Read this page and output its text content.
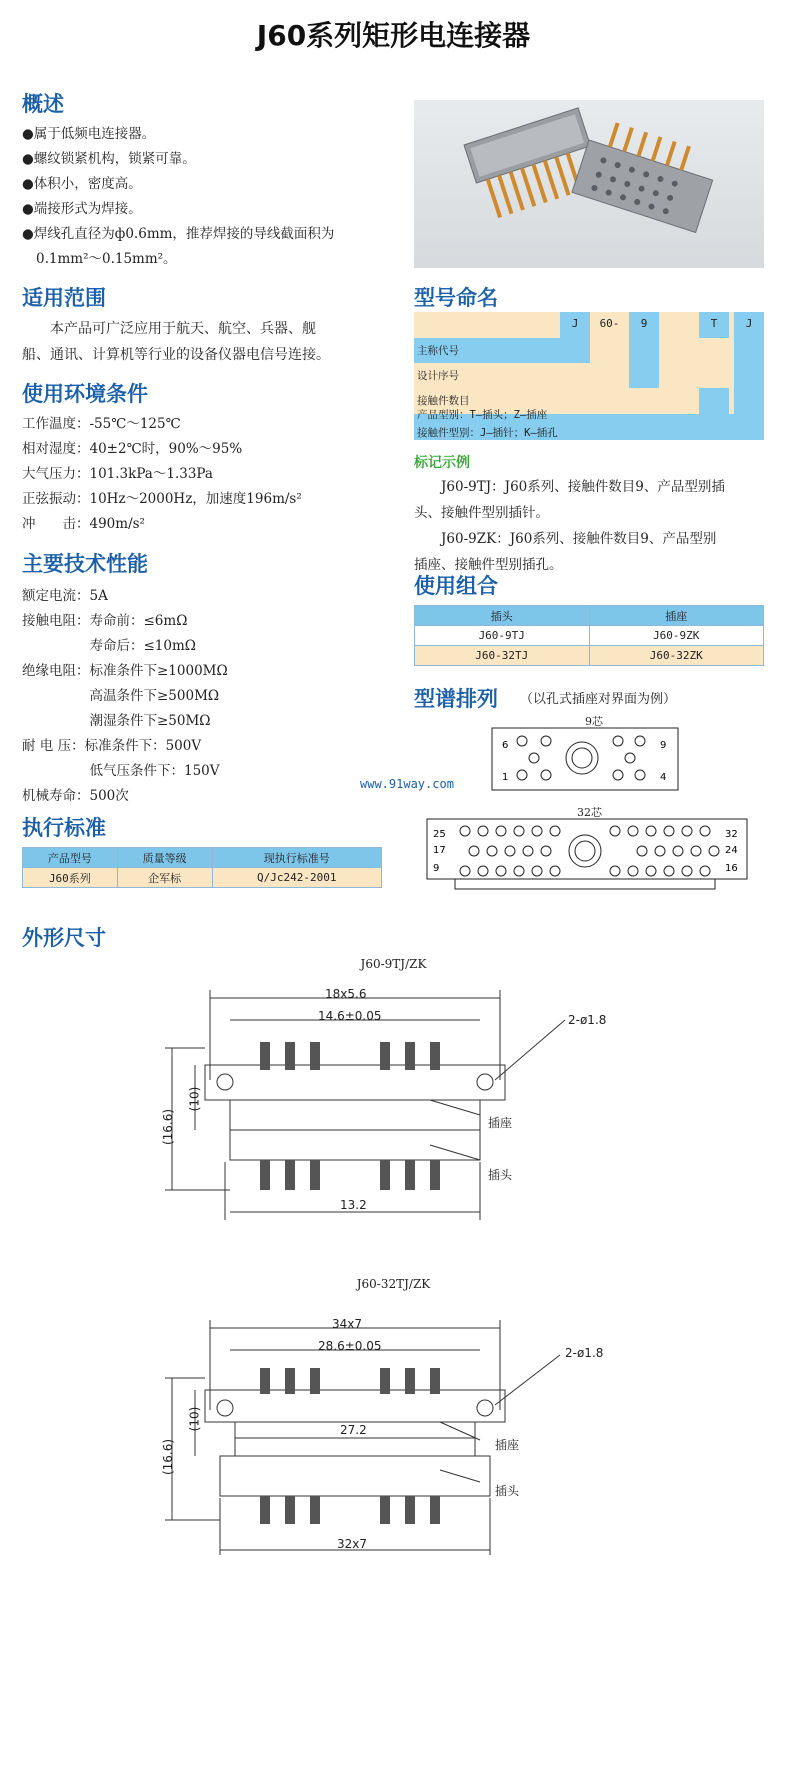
J60系列矩形电连接器
概述
●属于低频电连接器。
●螺纹锁紧机构，锁紧可靠。
●体积小，密度高。
●端接形式为焊接。
●焊线孔直径为ф0.6mm，推荐焊接的导线截面积为
0.1mm²～0.15mm²。
适用范围
　　本产品可广泛应用于航天、航空、兵器、舰
船、通讯、计算机等行业的设备仪器电信号连接。
使用环境条件
工作温度：-55℃～125℃
相对湿度：40±2℃时，90%～95%
大气压力：101.3kPa～1.33Pa
正弦振动：10Hz～2000Hz，加速度196m/s²
冲　　击：490m/s²
主要技术性能
额定电流：5A
接触电阻：寿命前：≤6mΩ
　　　　　寿命后：≤10mΩ
绝缘电阻：标准条件下≥1000MΩ
　　　　　高温条件下≥500MΩ
　　　　　潮湿条件下≥50MΩ
耐 电 压：标准条件下：500V
　　　　　低气压条件下：150V
机械寿命：500次
执行标准
产品型号	质量等级	现执行标准号
J60系列	企军标	Q/Jc242-2001
型号命名
J	60-	9	T	J
主称代号
设计序号
接触件数目
产品型别：T—插头；Z—插座
接触件型别：J—插针；K—插孔
标记示例
　　J60-9TJ：J60系列、接触件数目9、产品型别插
头、接触件型别插针。
　　J60-9ZK：J60系列、接触件数目9、产品型别
插座、接触件型别插孔。
使用组合
插头	插座
J60-9TJ	J60-9ZK
J60-32TJ	J60-32ZK
型谱排列 （以孔式插座对界面为例）
9芯
6
1
9
4
www.91way.com
32芯
25
17
9
32
24
16
外形尺寸
J60-9TJ/ZK
18x5.6
14.6±0.05	2-ø1.8
(10)
(16.6)
13.2
插座
插头
J60-32TJ/ZK
34x7
28.6±0.05	2-ø1.8
(10)
(16.6)
27.2
32x7
插座
插头
